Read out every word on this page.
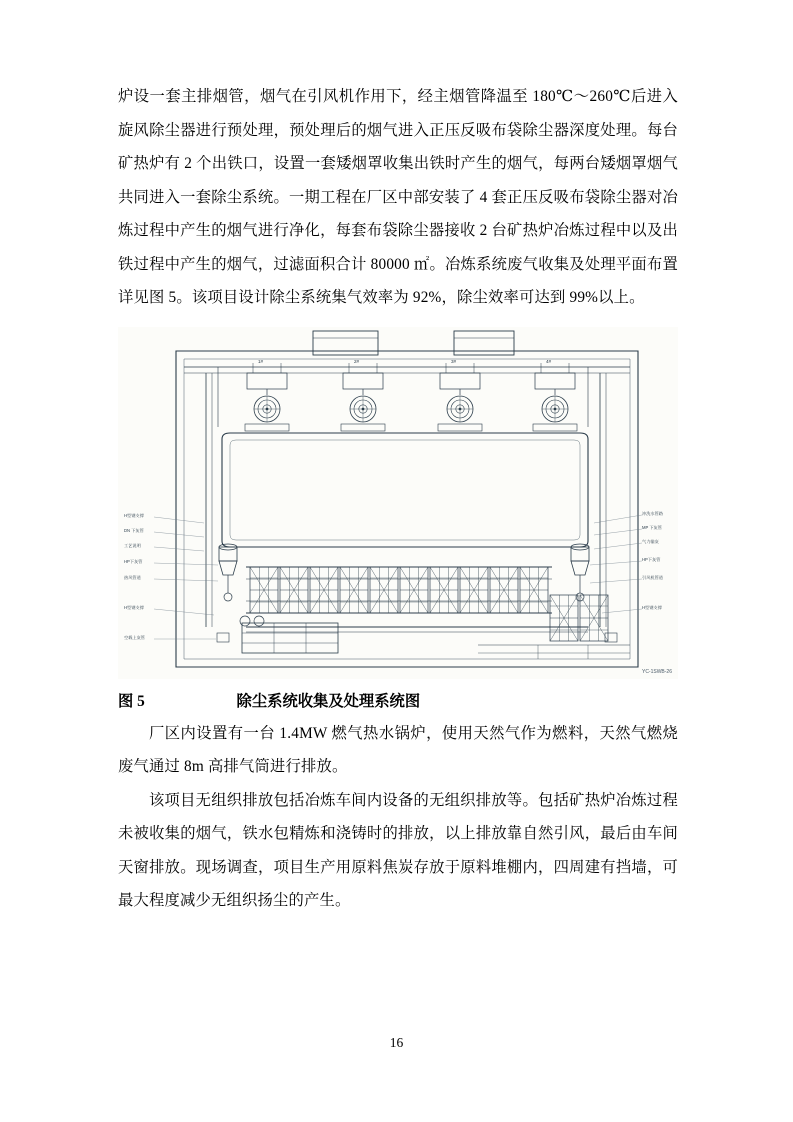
炉设一套主排烟管，烟气在引风机作用下，经主烟管降温至 180℃～260℃后进入旋风除尘器进行预处理，预处理后的烟气进入正压反吸布袋除尘器深度处理。每台矿热炉有 2 个出铁口，设置一套矮烟罩收集出铁时产生的烟气，每两台矮烟罩烟气共同进入一套除尘系统。一期工程在厂区中部安装了 4 套正压反吸布袋除尘器对冶炼过程中产生的烟气进行净化，每套布袋除尘器接收 2 台矿热炉冶炼过程中以及出铁过程中产生的烟气，过滤面积合计 80000 ㎡。冶炼系统废气收集及处理平面布置详见图 5。该项目设计除尘系统集气效率为 92%，除尘效率可达到 99%以上。

1#	2#	3#	4#
H型钢支撑
DN 下灰管
工艺说明
HP下灰管
热风管道
H型钢支撑
空载上灰管
冲洗水管路
MP 下灰管
气力输灰
HP下灰管
引风机管道
H型钢支撑
YC-1SWB-26
图 5                        除尘系统收集及处理系统图

厂区内设置有一台 1.4MW 燃气热水锅炉，使用天然气作为燃料，天然气燃烧废气通过 8m 高排气筒进行排放。

该项目无组织排放包括冶炼车间内设备的无组织排放等。包括矿热炉冶炼过程未被收集的烟气，铁水包精炼和浇铸时的排放，以上排放靠自然引风，最后由车间天窗排放。现场调查，项目生产用原料焦炭存放于原料堆棚内，四周建有挡墙，可最大程度减少无组织扬尘的产生。

16
